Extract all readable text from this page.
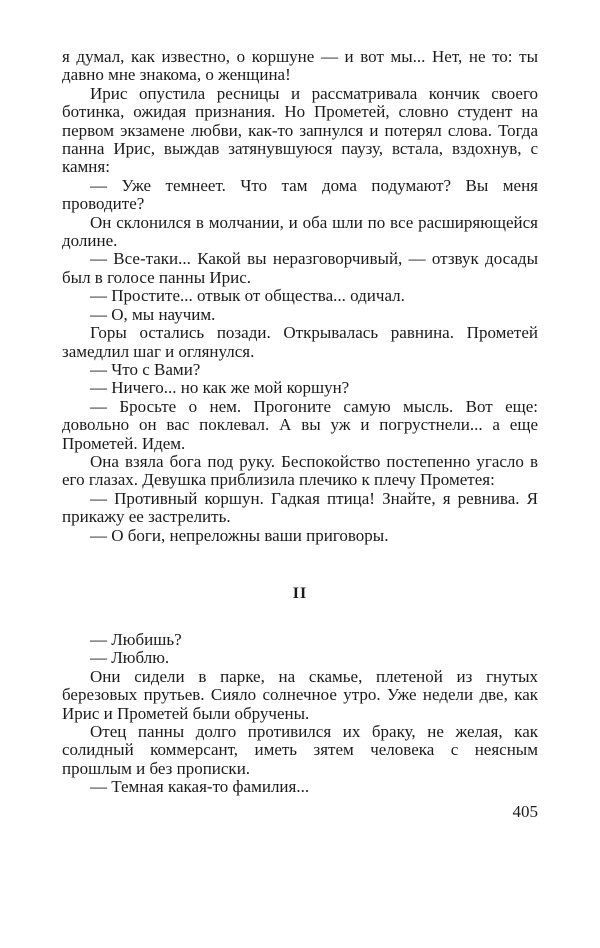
я думал, как известно, о коршуне — и вот мы... Нет, не то: ты давно мне знакома, о женщина!

Ирис опустила ресницы и рассматривала кончик своего ботинка, ожидая признания. Но Прометей, словно студент на первом экзамене любви, как-то запнулся и потерял слова. Тогда панна Ирис, выждав затянувшуюся паузу, встала, вздохнув, с камня:

— Уже темнеет. Что там дома подумают? Вы меня проводите?

Он склонился в молчании, и оба шли по все расширяющейся долине.

— Все-таки... Какой вы неразговорчивый, — отзвук досады был в голосе панны Ирис.

— Простите... отвык от общества... одичал.

— О, мы научим.

Горы остались позади. Открывалась равнина. Прометей замедлил шаг и оглянулся.

— Что с Вами?

— Ничего... но как же мой коршун?

— Бросьте о нем. Прогоните самую мысль. Вот еще: довольно он вас поклевал. А вы уж и погрустнели... а еще Прометей. Идем.

Она взяла бога под руку. Беспокойство постепенно угасло в его глазах. Девушка приблизила плечико к плечу Прометея:

— Противный коршун. Гадкая птица! Знайте, я ревнива. Я прикажу ее застрелить.

— О боги, непреложны ваши приговоры.

II

— Любишь?

— Люблю.

Они сидели в парке, на скамье, плетеной из гнутых березовых прутьев. Сияло солнечное утро. Уже недели две, как Ирис и Прометей были обручены.

Отец панны долго противился их браку, не желая, как солидный коммерсант, иметь зятем человека с неясным прошлым и без прописки.

— Темная какая-то фамилия...

405
